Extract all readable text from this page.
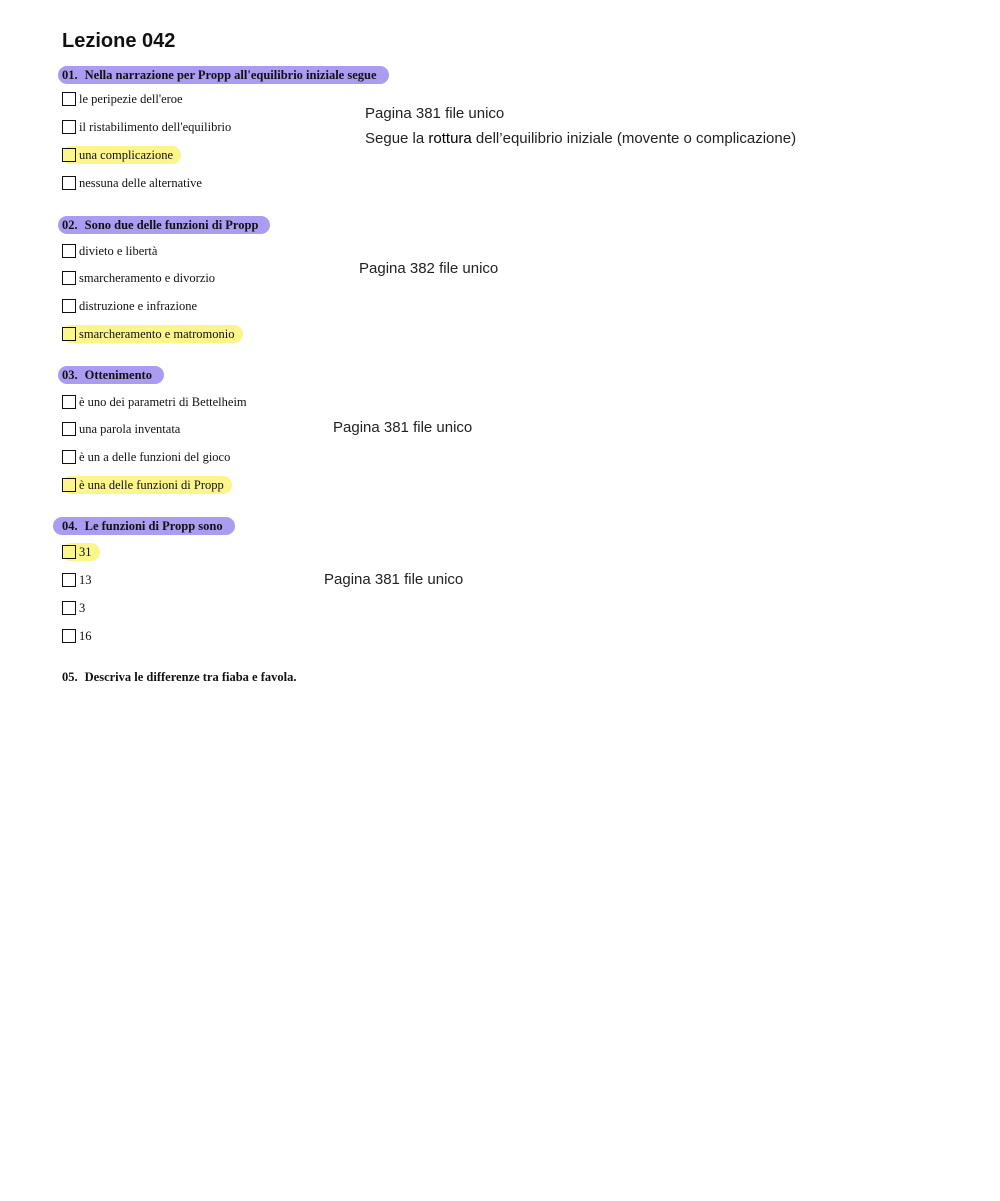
Lezione 042
01. Nella narrazione per Propp all'equilibrio iniziale segue
le peripezie dell'eroe
il ristabilimento dell'equilibrio
una complicazione
nessuna delle alternative
Pagina 381 file unico
Segue la rottura dell’equilibrio iniziale (movente o complicazione)
02. Sono due delle funzioni di Propp
divieto e libertà
smarcheramento e divorzio
distruzione e infrazione
smarcheramento e matromonio
Pagina 382 file unico
03. Ottenimento
è uno dei parametri di Bettelheim
una parola inventata
è un a delle funzioni del gioco
è una delle funzioni di Propp
Pagina 381 file unico
04. Le funzioni di Propp sono
31
13
3
16
Pagina 381 file unico
05. Descriva le differenze tra fiaba e favola.
